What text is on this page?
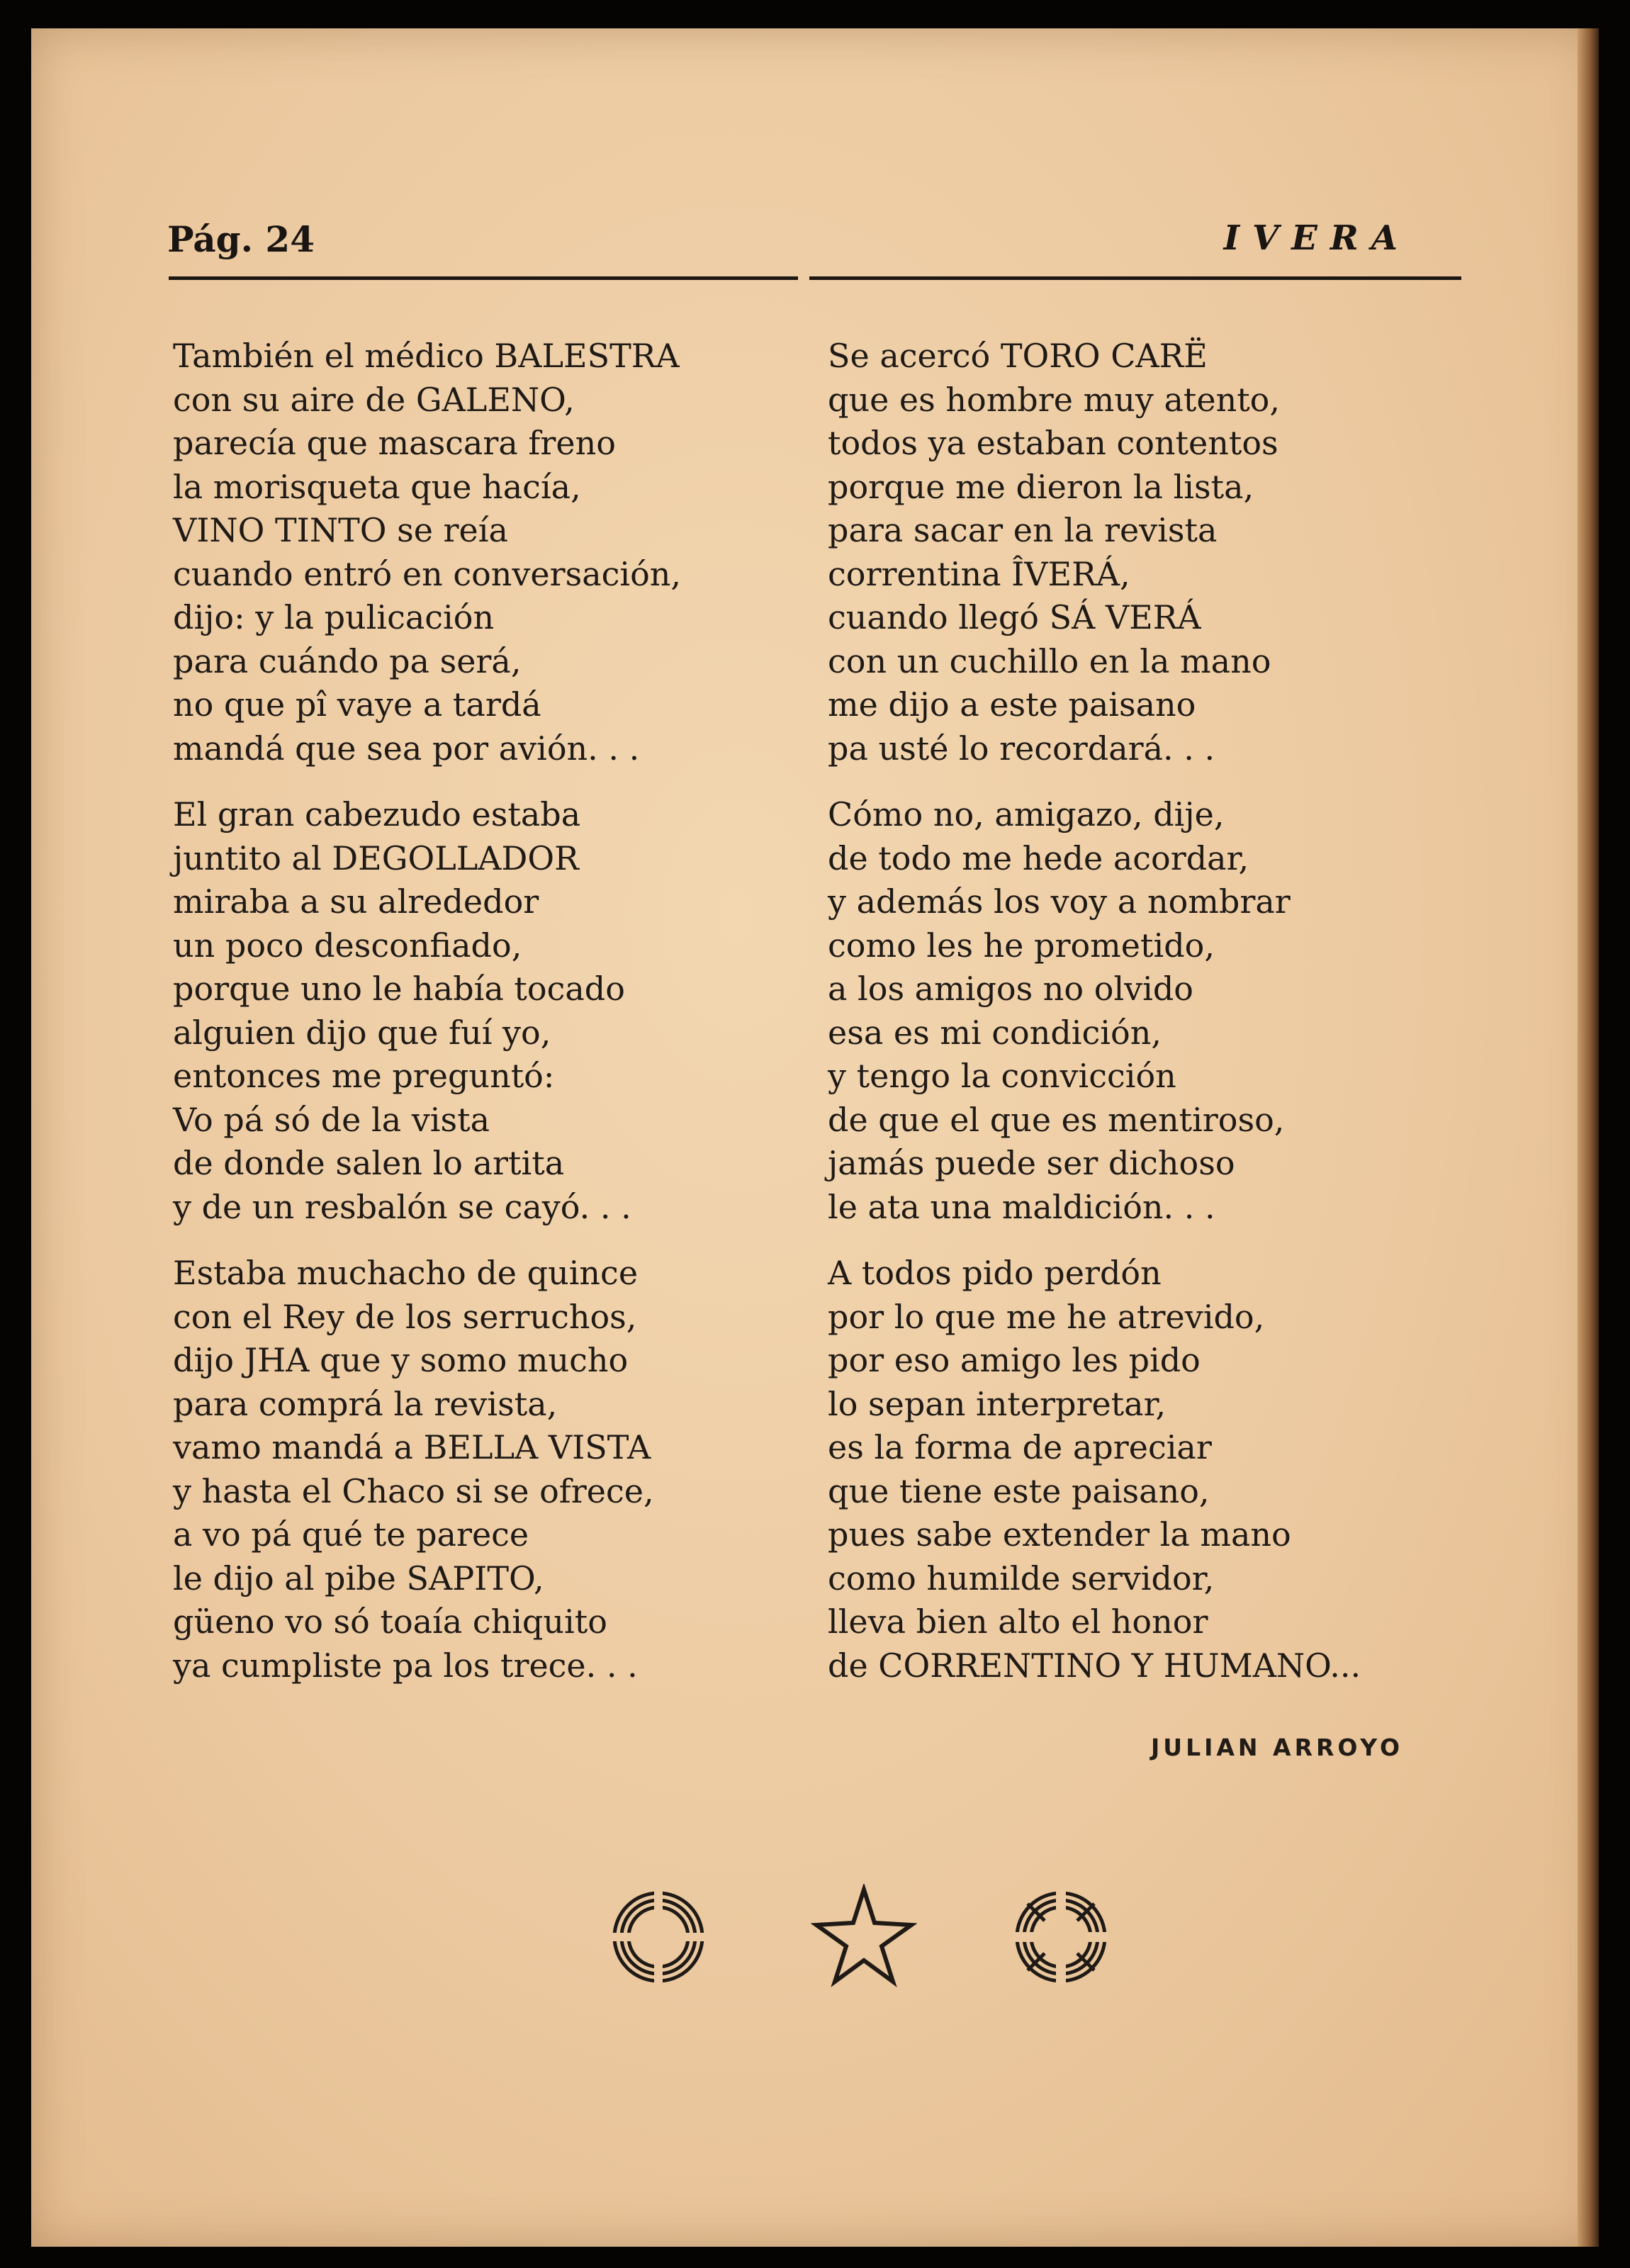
Pág. 24	IVERA

También el médico BALESTRA
con su aire de GALENO,
parecía que mascara freno
la morisqueta que hacía,
VINO TINTO se reía
cuando entró en conversación,
dijo: y la pulicación
para cuándo pa será,
no que pî vaye a tardá
mandá que sea por avión. . .
El gran cabezudo estaba
juntito al DEGOLLADOR
miraba a su alrededor
un poco desconfiado,
porque uno le había tocado
alguien dijo que fuí yo,
entonces me preguntó:
Vo pá só de la vista
de donde salen lo artita
y de un resbalón se cayó. . .
Estaba muchacho de quince
con el Rey de los serruchos,
dijo JHA que y somo mucho
para comprá la revista,
vamo mandá a BELLA VISTA
y hasta el Chaco si se ofrece,
a vo pá qué te parece
le dijo al pibe SAPITO,
güeno vo só toaía chiquito
ya cumpliste pa los trece. . .
Se acercó TORO CARË
que es hombre muy atento,
todos ya estaban contentos
porque me dieron la lista,
para sacar en la revista
correntina ÎVERÁ,
cuando llegó SÁ VERÁ
con un cuchillo en la mano
me dijo a este paisano
pa usté lo recordará. . .
Cómo no, amigazo, dije,
de todo me hede acordar,
y además los voy a nombrar
como les he prometido,
a los amigos no olvido
esa es mi condición,
y tengo la convicción
de que el que es mentiroso,
jamás puede ser dichoso
le ata una maldición. . .
A todos pido perdón
por lo que me he atrevido,
por eso amigo les pido
lo sepan interpretar,
es la forma de apreciar
que tiene este paisano,
pues sabe extender la mano
como humilde servidor,
lleva bien alto el honor
de CORRENTINO Y HUMANO...

JULIAN ARROYO
